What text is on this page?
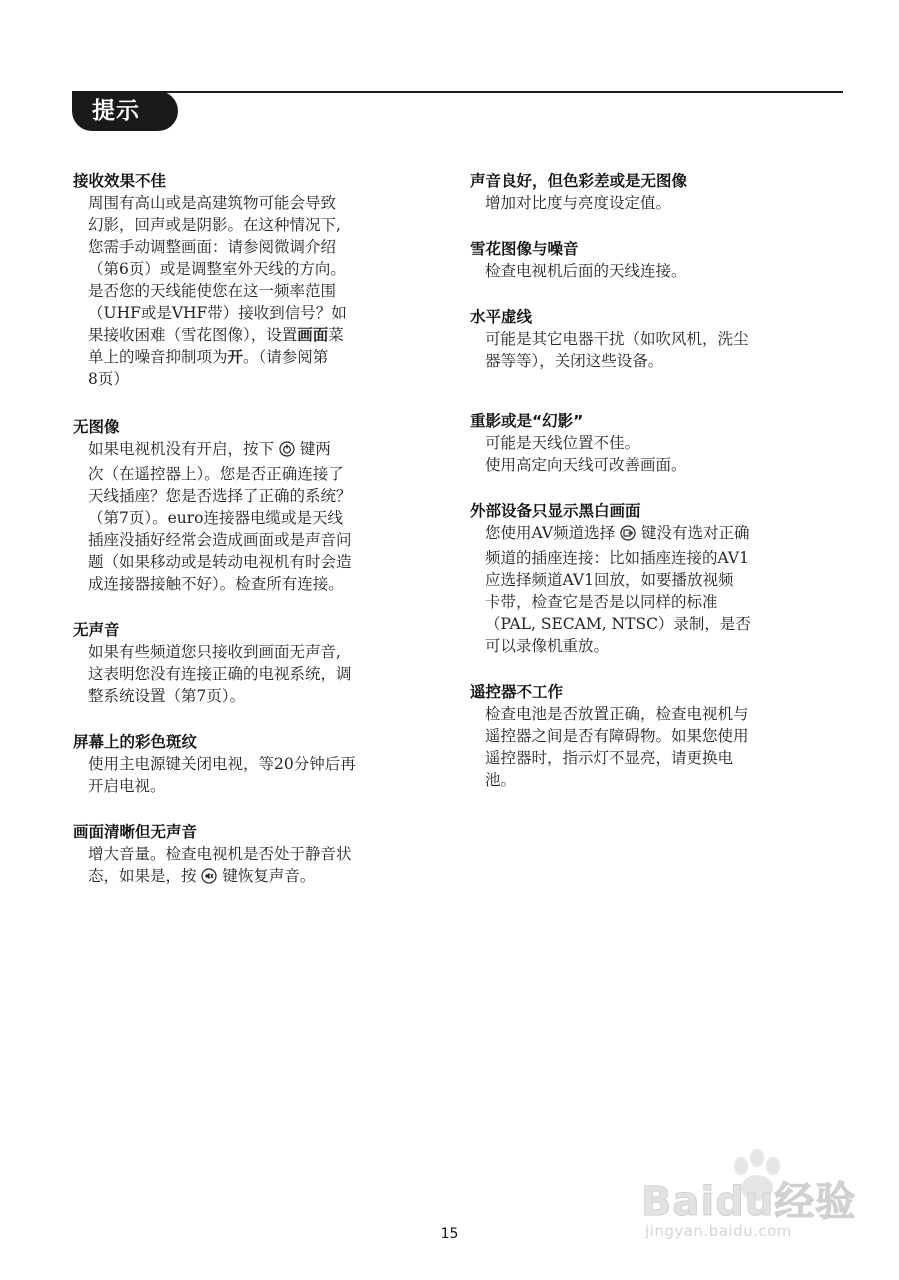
提示

接收效果不佳

周围有高山或是高建筑物可能会导致
幻影，回声或是阴影。在这种情况下,
您需手动调整画面：请参阅微调介绍
（第6页）或是调整室外天线的方向。
是否您的天线能使您在这一频率范围
（UHF或是VHF带）接收到信号？如
果接收困难（雪花图像），设置画面菜
单上的噪音抑制项为开。（请参阅第
8页）

无图像

如果电视机没有开启，按下 键两
次（在遥控器上）。您是否正确连接了
天线插座？您是否选择了正确的系统？
（第7页）。euro连接器电缆或是天线
插座没插好经常会造成画面或是声音问
题（如果移动或是转动电视机有时会造
成连接器接触不好）。检查所有连接。

无声音

如果有些频道您只接收到画面无声音,
这表明您没有连接正确的电视系统，调
整系统设置（第7页）。

屏幕上的彩色斑纹

使用主电源键关闭电视，等20分钟后再
开启电视。

画面清晰但无声音

增大音量。检查电视机是否处于静音状
态，如果是，按 键恢复声音。

声音良好，但色彩差或是无图像

增加对比度与亮度设定值。

雪花图像与噪音

检查电视机后面的天线连接。

水平虚线

可能是其它电器干扰（如吹风机，洗尘
器等等），关闭这些设备。

重影或是“幻影”

可能是天线位置不佳。
使用高定向天线可改善画面。

外部设备只显示黑白画面

您使用AV频道选择 键没有选对正确
频道的插座连接：比如插座连接的AV1
应选择频道AV1回放，如要播放视频
卡带，检查它是否是以同样的标准
（PAL, SECAM, NTSC）录制，是否
可以录像机重放。

遥控器不工作

检查电池是否放置正确，检查电视机与
遥控器之间是否有障碍物。如果您使用
遥控器时，指示灯不显亮，请更换电
池。

15
Baidu经验
jingyan.baidu.com
